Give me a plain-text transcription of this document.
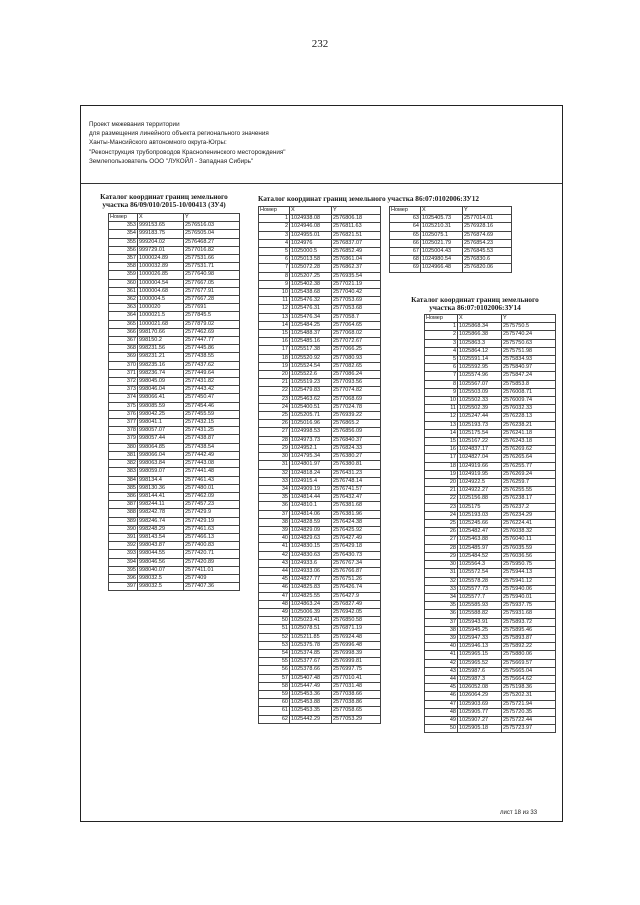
232
Проект межевания территории
для размещения линейного объекта регионального значения
Ханты-Мансийского автономного округа-Югры:
"Реконструкция трубопроводов Красноленинского месторождения"
Землепользователь ООО "ЛУКОЙЛ - Западная Сибирь"
Каталог координат границ земельного
участка 86/09/010/2015-10/00413 (ЗУ4)
Номер	X	Y
353	999153.65	2576516.03
354	999183.75	2576505.04
355	999204.02	2576468.27
356	999729.01	2577016.82
357	1000024.89	2577531.66
358	1000032.89	2577531.71
359	1000026.85	2577640.98
360	1000004.54	2577667.05
361	1000004.68	2577677.91
362	1000004.5	2577667.28
363	1000020	2577691
364	1000021.5	2577845.5
365	1000021.68	2577879.02
366	998170.66	2577462.69
367	998150.2	2577447.77
368	998231.56	2577445.86
369	998231.21	2577438.55
370	998235.16	2577437.62
371	998236.74	2577449.64
372	998045.09	2577431.82
373	998046.04	2577443.42
374	998066.41	2577450.47
375	998085.59	2577454.46
376	998042.25	2577455.59
377	998041.1	2577432.15
378	998057.07	2577431.25
379	998057.44	2577438.87
380	998064.85	2577438.54
381	998066.04	2577442.49
382	998063.84	2577443.08
383	998059.07	2577441.48
384	998134.4	2577461.43
385	998130.36	2577480.01
386	998144.41	2577462.09
387	998244.11	2577457.23
388	998242.78	2577429.9
389	998246.74	2577429.19
390	998248.29	2577461.63
391	998143.54	2577466.13
392	998043.87	2577400.83
393	998044.55	2577420.71
394	998046.56	2577420.89
395	998040.07	2577411.01
396	998032.5	2577409
397	998032.5	2577407.36
Каталог координат границ земельного участка 86:07:0102006:ЗУ12
Номер	X	Y
1	1024938.08	2576806.18
2	1024946.08	2576811.63
3	1024955.01	2576821.51
4	1024976	2576837.07
5	1025000.5	2576852.49
6	1025013.58	2576861.04
7	1025072.28	2576862.37
8	1025207.25	2576935.54
9	1025402.38	2577021.19
10	1025438.68	2577040.42
11	1025476.32	2577053.69
12	1025476.31	2577053.68
13	1025476.34	2577058.7
14	1025484.25	2577064.65
15	1025488.37	2577068.02
16	1025485.16	2577072.67
17	1025517.38	2577066.25
18	1025520.92	2577080.93
19	1025524.54	2577082.65
20	1025522.6	2577086.24
21	1025519.23	2577093.56
22	1025479.83	2577074.82
23	1025463.62	2577068.69
24	1025400.51	2577024.78
25	1025205.71	2576939.22
26	1025016.96	2576865.2
27	1024998.53	2576856.09
28	1024973.73	2576840.37
29	1024952.1	2576824.33
30	1024795.34	2576380.27
31	1024801.97	2576380.81
32	1024818.24	2576431.23
33	1024915.4	2576748.14
34	1024909.19	2576741.57
35	1024814.44	2576432.47
36	1024810.1	2576381.68
37	1024814.06	2576381.96
38	1024828.59	2576424.38
39	1024829.09	2576425.92
40	1024829.63	2576427.49
41	1024830.15	2576429.18
42	1024830.63	2576430.73
43	1024933.6	2576767.34
44	1024933.06	2576766.87
45	1024827.77	2576751.26
46	1024825.83	2576426.74
47	1024825.55	2576427.9
48	1024863.24	2576827.49
49	1025006.39	2576942.05
50	1025023.41	2576850.58
51	1025078.51	2576871.19
52	1025211.85	2576924.48
53	1025375.78	2576996.48
54	1025374.85	2576998.39
55	1025377.67	2576999.81
56	1025378.66	2576997.75
57	1025407.48	2577010.41
58	1025447.49	2577031.48
59	1025453.36	2577038.66
60	1025453.88	2577038.86
61	1025453.35	2577058.65
62	1025442.29	2577053.29
Номер	X	Y
63	1025405.73	2577014.01
64	1025210.31	2576928.16
65	1025075.1	2576874.69
66	1025021.79	2576854.23
67	1025004.43	2576845.53
68	1024980.54	2576830.6
69	1024966.48	2576820.06
Каталог координат границ земельного
участка 86:07:0102006:ЗУ14
Номер	X	Y
1	1025868.34	2575750.5
2	1025866.38	2575740.24
3	1025863.3	2575750.63
4	1025864.12	2575751.98
5	1025591.14	2575834.93
6	1025592.95	2575840.97
7	1025574.96	2575847.24
8	1025567.07	2575853.8
9	1025503.09	2576008.71
10	1025502.33	2576009.74
11	1025502.39	2576032.33
12	1025247.44	2576228.13
13	1025193.73	2576238.21
14	1025175.54	2576241.18
15	1025167.22	2576243.18
16	1024837.17	2576269.62
17	1024827.04	2576265.64
18	1024919.66	2576255.77
19	1024919.95	2576269.24
20	1024922.5	2576259.7
21	1024922.27	2576255.55
22	1025156.88	2576238.17
23	1025175	2576237.2
24	1025193.03	2576234.29
25	1025245.66	2576224.41
26	1025482.47	2576038.32
27	1025463.88	2576040.11
28	1025485.97	2576035.59
29	1025484.52	2576036.56
30	1025564.3	2575950.75
31	1025572.54	2575944.13
32	1025578.28	2575941.12
33	1025577.73	2575940.06
34	1025577.7	2575940.01
35	1025585.93	2575937.75
36	1025588.82	2575931.68
37	1025943.91	2575893.72
38	1025945.25	2575895.46
39	1025947.33	2575893.87
40	1025946.13	2575892.22
41	1025965.15	2575880.06
42	1025965.52	2575669.57
43	1025987.6	2575665.04
44	1025987.3	2575664.62
45	1026052.08	2575198.36
46	1026064.29	2575202.31
47	1025903.69	2575721.94
48	1025905.77	2575720.35
49	1025907.27	2575722.44
50	1025905.18	2575723.97
лист 18 из 33
